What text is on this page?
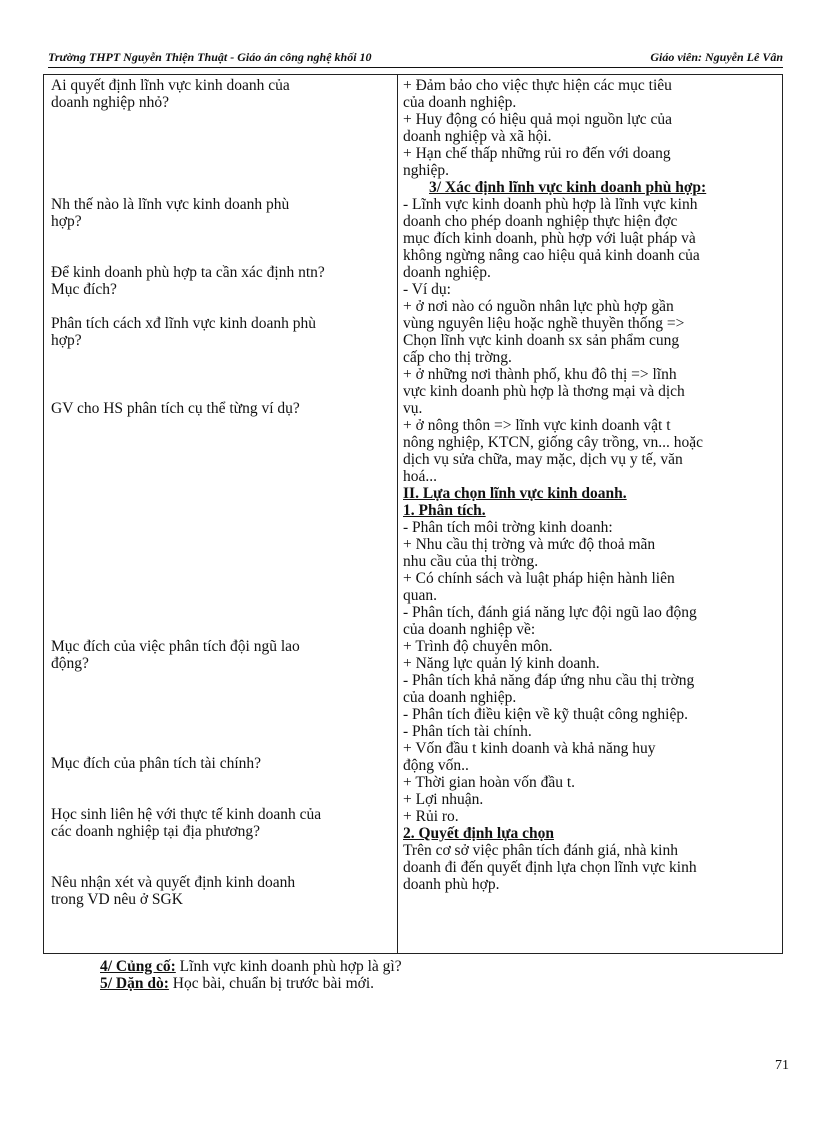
Trường THPT Nguyễn Thiện Thuật - Giáo án công nghệ khối 10	Giáo viên: Nguyễn Lê Vân
Ai quyết định lĩnh vực kinh doanh của
doanh nghiệp nhỏ?
Nh thế nào là lĩnh vực kinh doanh phù
hợp?
Để kinh doanh phù hợp ta cần xác định ntn?
Mục đích?
Phân tích cách xđ lĩnh vực kinh doanh phù
hợp?
GV cho HS phân tích cụ thể từng ví dụ?
Mục đích của việc phân tích đội ngũ lao
động?
Mục đích của phân tích tài chính?
Học sinh liên hệ với thực tế kinh doanh của
các doanh nghiệp tại địa phương?
Nêu nhận xét và quyết định kinh doanh
trong VD nêu ở SGK
+ Đảm bảo cho việc thực hiện các mục tiêu
của doanh nghiệp.
+ Huy động có hiệu quả mọi nguồn lực của
doanh nghiệp và xã hội.
+ Hạn chế thấp những rủi ro đến với doang
nghiệp.
3/ Xác định lĩnh vực kinh doanh phù hợp:
- Lĩnh vực kinh doanh phù hợp là lĩnh vực kinh
doanh cho phép doanh nghiệp thực hiện đợc
mục đích kinh doanh, phù hợp với luật pháp và
không ngừng nâng cao hiệu quả kinh doanh của
doanh nghiệp.
- Ví dụ:
+ ở nơi nào có nguồn nhân lực phù hợp gần
vùng nguyên liệu hoặc nghề thuyền thống =>
Chọn lĩnh vực kinh doanh sx sản phẩm cung
cấp cho thị trờng.
+ ở những nơi thành phố, khu đô thị => lĩnh
vực kinh doanh phù hợp là thơng mại và dịch
vụ.
+ ở nông thôn => lĩnh vực kinh doanh vật t
nông nghiệp, KTCN, giống cây trồng, vn... hoặc
dịch vụ sửa chữa, may mặc, dịch vụ y tế, văn
hoá...
II. Lựa chọn lĩnh vực kinh doanh.
1. Phân tích.
- Phân tích môi trờng kinh doanh:
+ Nhu cầu thị trờng và mức độ thoả mãn
nhu cầu của thị trờng.
+ Có chính sách và luật pháp hiện hành liên
quan.
- Phân tích, đánh giá năng lực đội ngũ lao động
của doanh nghiệp về:
+ Trình độ chuyên môn.
+ Năng lực quản lý kinh doanh.
- Phân tích khả năng đáp ứng nhu cầu thị trờng
của doanh nghiệp.
- Phân tích điều kiện về kỹ thuật công nghiệp.
- Phân tích tài chính.
+ Vốn đầu t kinh doanh và khả năng huy
động vốn..
+ Thời gian hoàn vốn đầu t.
+ Lợi nhuận.
+ Rủi ro.
2. Quyết định lựa chọn
Trên cơ sở việc phân tích đánh giá, nhà kinh
doanh đi đến quyết định lựa chọn lĩnh vực kinh
doanh phù hợp.
4/ Củng cố: Lĩnh vực kinh doanh phù hợp là gì?
5/ Dặn dò: Học bài, chuẩn bị trước bài mới.
71
